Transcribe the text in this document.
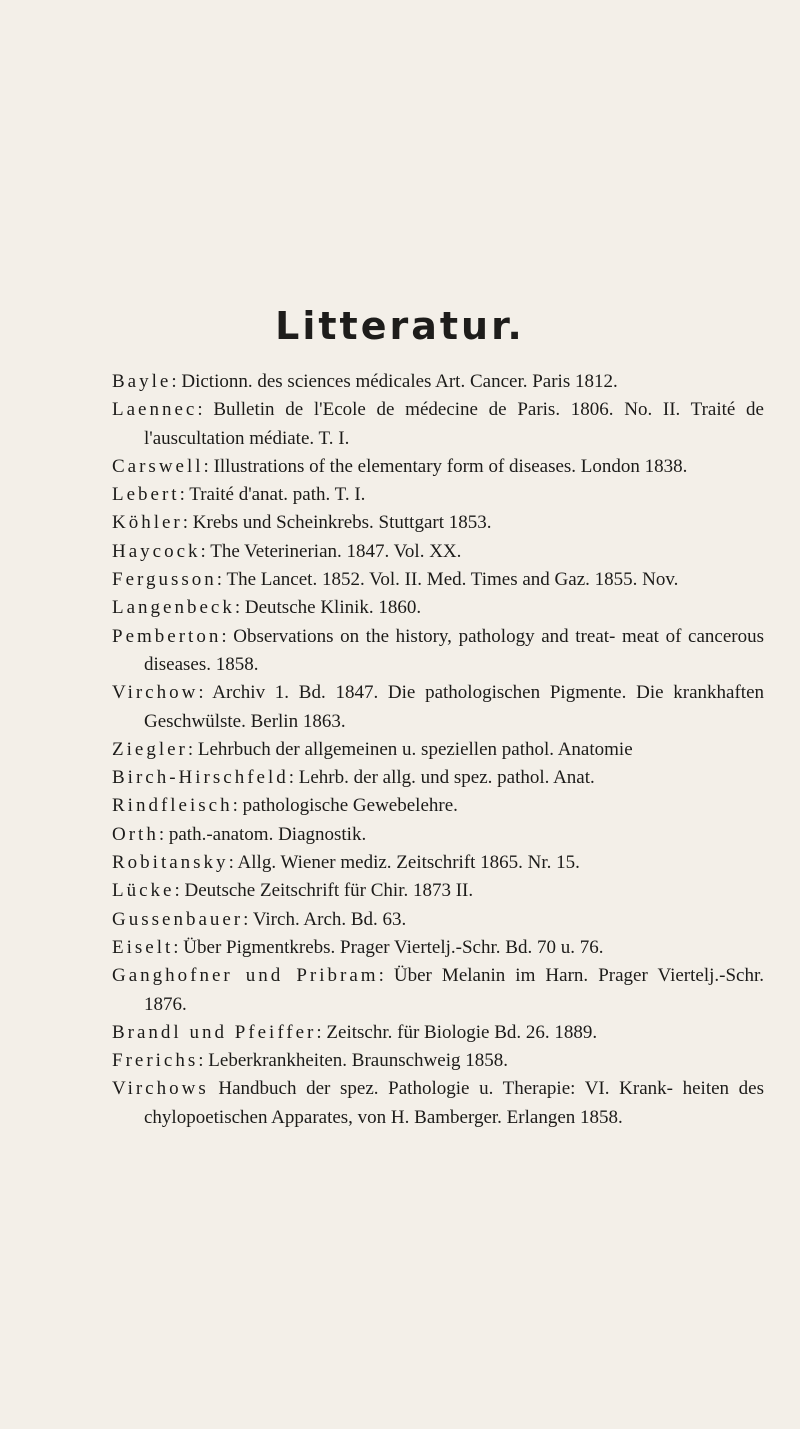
Litteratur.

Bayle: Dictionn. des sciences médicales Art. Cancer. Paris 1812.

Laennec: Bulletin de l'Ecole de médecine de Paris. 1806. No. II. Traité de l'auscultation médiate. T. I.

Carswell: Illustrations of the elementary form of diseases. London 1838.

Lebert: Traité d'anat. path. T. I.

Köhler: Krebs und Scheinkrebs. Stuttgart 1853.

Haycock: The Veterinerian. 1847. Vol. XX.

Fergusson: The Lancet. 1852. Vol. II. Med. Times and Gaz. 1855. Nov.

Langenbeck: Deutsche Klinik. 1860.

Pemberton: Observations on the history, pathology and treat- meat of cancerous diseases. 1858.

Virchow: Archiv 1. Bd. 1847. Die pathologischen Pigmente. Die krankhaften Geschwülste. Berlin 1863.

Ziegler: Lehrbuch der allgemeinen u. speziellen pathol. Anatomie

Birch-Hirschfeld: Lehrb. der allg. und spez. pathol. Anat.

Rindfleisch: pathologische Gewebelehre.

Orth: path.-anatom. Diagnostik.

Robitansky: Allg. Wiener mediz. Zeitschrift 1865. Nr. 15.

Lücke: Deutsche Zeitschrift für Chir. 1873 II.

Gussenbauer: Virch. Arch. Bd. 63.

Eiselt: Über Pigmentkrebs. Prager Viertelj.-Schr. Bd. 70 u. 76.

Ganghofner und Pribram: Über Melanin im Harn. Prager Viertelj.-Schr. 1876.

Brandl und Pfeiffer: Zeitschr. für Biologie Bd. 26. 1889.

Frerichs: Leberkrankheiten. Braunschweig 1858.

Virchows Handbuch der spez. Pathologie u. Therapie: VI. Krank- heiten des chylopoetischen Apparates, von H. Bamberger. Erlangen 1858.
